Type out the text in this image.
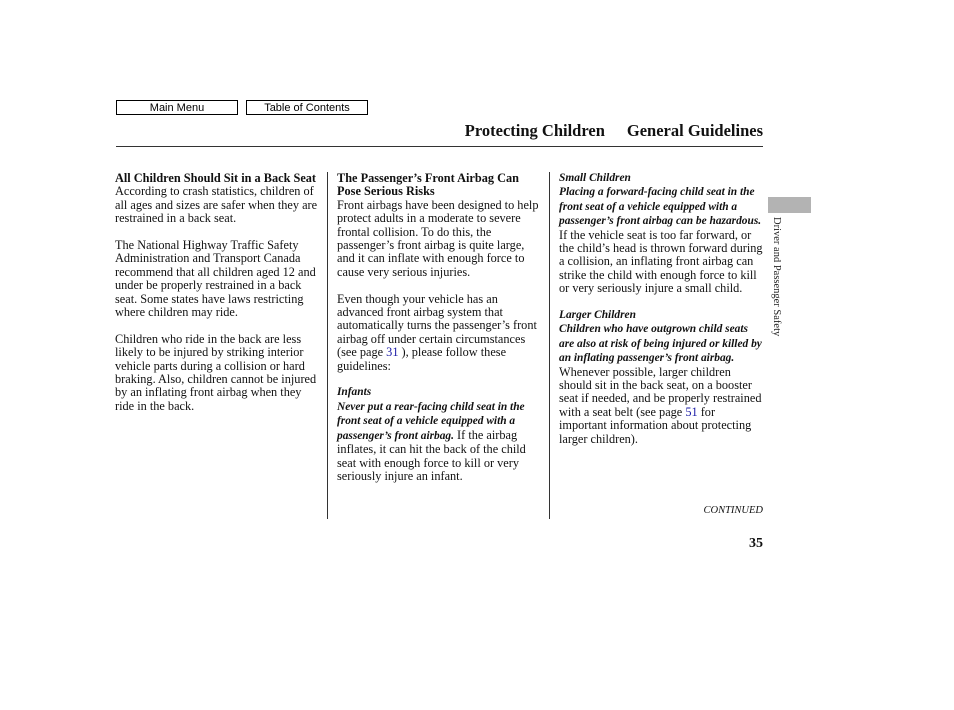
Main Menu	Table of Contents
Protecting Children General Guidelines

All Children Should Sit in a Back Seat
According to crash statistics, children of all ages and sizes are safer when they are restrained in a back seat.

The National Highway Traffic Safety Administration and Transport Canada recommend that all children aged 12 and under be properly restrained in a back seat. Some states have laws restricting where children may ride.

Children who ride in the back are less likely to be injured by striking interior vehicle parts during a collision or hard braking. Also, children cannot be injured by an inflating front airbag when they ride in the back.

The Passenger’s Front Airbag Can Pose Serious Risks
Front airbags have been designed to help protect adults in a moderate to severe frontal collision. To do this, the passenger’s front airbag is quite large, and it can inflate with enough force to cause very serious injuries.

Even though your vehicle has an advanced front airbag system that automatically turns the passenger’s front airbag off under certain circumstances (see page 31 ), please follow these guidelines:

Infants
Never put a rear-facing child seat in the front seat of a vehicle equipped with a passenger’s front airbag. If the airbag inflates, it can hit the back of the child seat with enough force to kill or very seriously injure an infant.

Small Children
Placing a forward-facing child seat in the front seat of a vehicle equipped with a passenger’s front airbag can be hazardous. If the vehicle seat is too far forward, or the child’s head is thrown forward during a collision, an inflating front airbag can strike the child with enough force to kill or very seriously injure a small child.

Larger Children
Children who have outgrown child seats are also at risk of being injured or killed by an inflating passenger’s front airbag. Whenever possible, larger children should sit in the back seat, on a booster seat if needed, and be properly restrained with a seat belt (see page 51 for important information about protecting larger children).

Driver and Passenger Safety
CONTINUED
35
